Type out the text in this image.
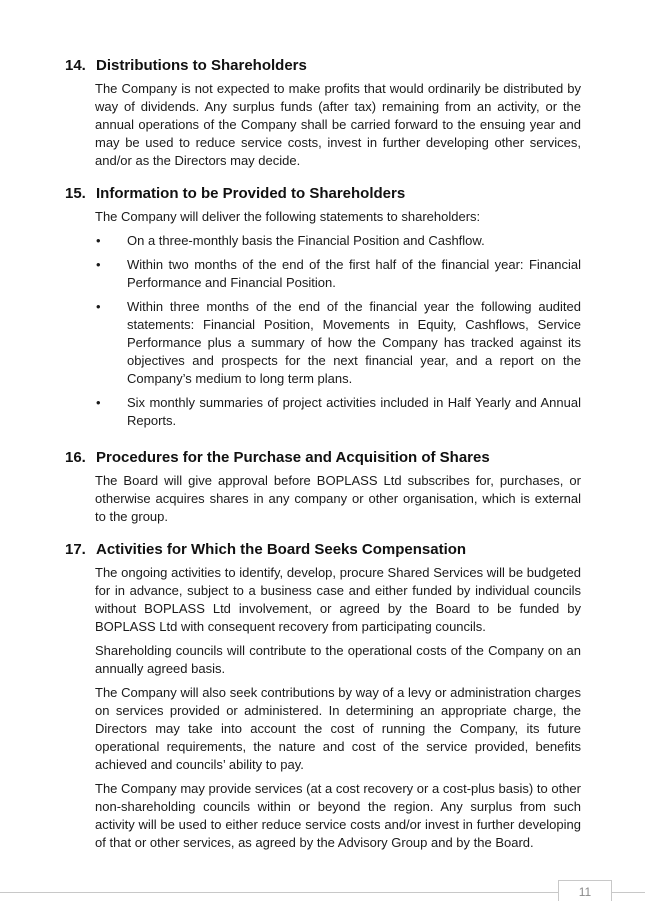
14. Distributions to Shareholders

The Company is not expected to make profits that would ordinarily be distributed by way of dividends. Any surplus funds (after tax) remaining from an activity, or the annual operations of the Company shall be carried forward to the ensuing year and may be used to reduce service costs, invest in further developing other services, and/or as the Directors may decide.

15. Information to be Provided to Shareholders

The Company will deliver the following statements to shareholders:

•	On a three-monthly basis the Financial Position and Cashflow.
•	Within two months of the end of the first half of the financial year: Financial Performance and Financial Position.
•	Within three months of the end of the financial year the following audited statements: Financial Position, Movements in Equity, Cashflows, Service Performance plus a summary of how the Company has tracked against its objectives and prospects for the next financial year, and a report on the Company’s medium to long term plans.
•	Six monthly summaries of project activities included in Half Yearly and Annual Reports.
16. Procedures for the Purchase and Acquisition of Shares

The Board will give approval before BOPLASS Ltd subscribes for, purchases, or otherwise acquires shares in any company or other organisation, which is external to the group.

17. Activities for Which the Board Seeks Compensation

The ongoing activities to identify, develop, procure Shared Services will be budgeted for in advance, subject to a business case and either funded by individual councils without BOPLASS Ltd involvement, or agreed by the Board to be funded by BOPLASS Ltd with consequent recovery from participating councils.

Shareholding councils will contribute to the operational costs of the Company on an annually agreed basis.

The Company will also seek contributions by way of a levy or administration charges on services provided or administered. In determining an appropriate charge, the Directors may take into account the cost of running the Company, its future operational requirements, the nature and cost of the service provided, benefits achieved and councils’ ability to pay.

The Company may provide services (at a cost recovery or a cost-plus basis) to other non-shareholding councils within or beyond the region. Any surplus from such activity will be used to either reduce service costs and/or invest in further developing of that or other services, as agreed by the Advisory Group and by the Board.

11
